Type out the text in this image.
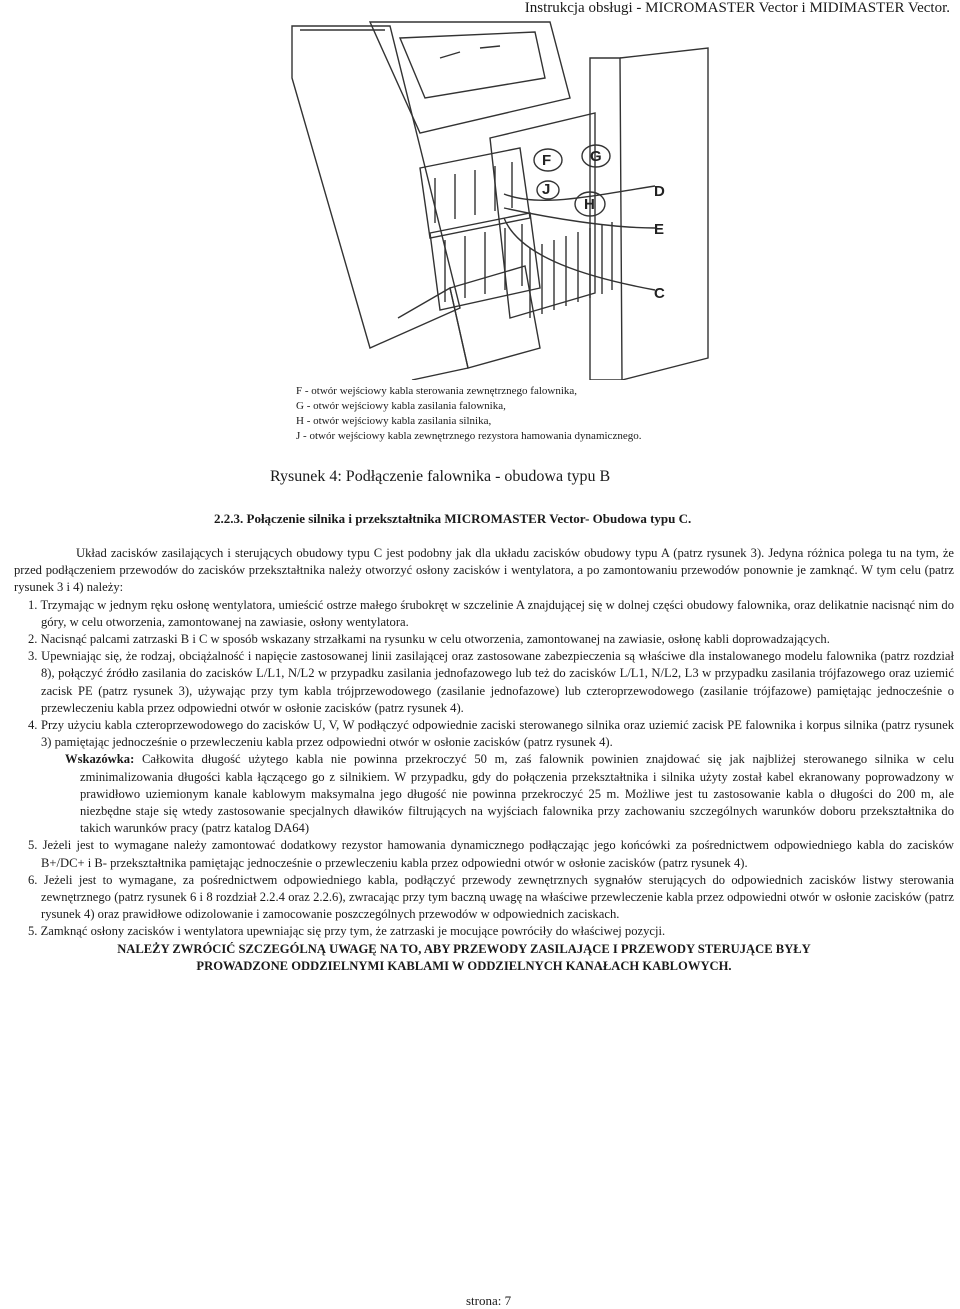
Instrukcja obsługi - MICROMASTER Vector i MIDIMASTER Vector.
F	G
J
H
D
E
C
F - otwór wejściowy kabla sterowania zewnętrznego falownika,
G - otwór wejściowy kabla zasilania falownika,
H - otwór wejściowy kabla zasilania silnika,
J - otwór wejściowy kabla zewnętrznego rezystora hamowania dynamicznego.
Rysunek 4: Podłączenie falownika - obudowa typu B
2.2.3. Połączenie silnika i przekształtnika MICROMASTER Vector- Obudowa typu C.

Układ zacisków zasilających i sterujących obudowy typu C jest podobny jak dla układu zacisków obudowy typu A (patrz rysunek 3). Jedyna różnica polega tu na tym, że przed podłączeniem przewodów do zacisków przekształtnika należy otworzyć osłony zacisków i wentylatora, a po zamontowaniu przewodów ponownie je zamknąć. W tym celu (patrz rysunek 3 i 4) należy:

1. Trzymając w jednym ręku osłonę wentylatora, umieścić ostrze małego śrubokręt w szczelinie A znajdującej się w dolnej części obudowy falownika, oraz delikatnie nacisnąć nim do góry, w celu otworzenia, zamontowanej na zawiasie, osłony wentylatora.

2. Nacisnąć palcami zatrzaski B i C w sposób wskazany strzałkami na rysunku w celu otworzenia, zamontowanej na zawiasie, osłonę kabli doprowadzających.

3. Upewniając się, że rodzaj, obciążalność i napięcie zastosowanej linii zasilającej oraz zastosowane zabezpieczenia są właściwe dla instalowanego modelu falownika (patrz rozdział 8), połączyć źródło zasilania do zacisków L/L1, N/L2 w przypadku zasilania jednofazowego lub też do zacisków L/L1, N/L2, L3 w przypadku zasilania trójfazowego oraz uziemić zacisk PE (patrz rysunek 3), używając przy tym kabla trójprzewodowego (zasilanie jednofazowe) lub czteroprzewodowego (zasilanie trójfazowe) pamiętając jednocześnie o przewleczeniu kabla przez odpowiedni otwór w osłonie zacisków (patrz rysunek 4).

4. Przy użyciu kabla czteroprzewodowego do zacisków U, V, W podłączyć odpowiednie zaciski sterowanego silnika oraz uziemić zacisk PE falownika i korpus silnika (patrz rysunek 3) pamiętając jednocześnie o przewleczeniu kabla przez odpowiedni otwór w osłonie zacisków (patrz rysunek 4).

Wskazówka: Całkowita długość użytego kabla nie powinna przekroczyć 50 m, zaś falownik powinien znajdować się jak najbliżej sterowanego silnika w celu zminimalizowania długości kabla łączącego go z silnikiem. W przypadku, gdy do połączenia przekształtnika i silnika użyty został kabel ekranowany poprowadzony w prawidłowo uziemionym kanale kablowym maksymalna jego długość nie powinna przekroczyć 25 m. Możliwe jest tu zastosowanie kabla o długości do 200 m, ale niezbędne staje się wtedy zastosowanie specjalnych dławików filtrujących na wyjściach falownika przy zachowaniu szczególnych warunków doboru przekształtnika do takich warunków pracy (patrz katalog DA64)

5. Jeżeli jest to wymagane należy zamontować dodatkowy rezystor hamowania dynamicznego podłączając jego końcówki za pośrednictwem odpowiedniego kabla do zacisków B+/DC+ i B- przekształtnika pamiętając jednocześnie o przewleczeniu kabla przez odpowiedni otwór w osłonie zacisków (patrz rysunek 4).

6. Jeżeli jest to wymagane, za pośrednictwem odpowiedniego kabla, podłączyć przewody zewnętrznych sygnałów sterujących do odpowiednich zacisków listwy sterowania zewnętrznego (patrz rysunek 6 i 8 rozdział 2.2.4 oraz 2.2.6), zwracając przy tym baczną uwagę na właściwe przewleczenie kabla przez odpowiedni otwór w osłonie zacisków (patrz rysunek 4) oraz prawidłowe odizolowanie i zamocowanie poszczególnych przewodów w odpowiednich zaciskach.

5. Zamknąć osłony zacisków i wentylatora upewniając się przy tym, że zatrzaski je mocujące powróciły do właściwej pozycji.

NALEŻY ZWRÓCIĆ SZCZEGÓLNĄ UWAGĘ NA TO, ABY PRZEWODY ZASILAJĄCE I PRZEWODY STERUJĄCE BYŁY PROWADZONE ODDZIELNYMI KABLAMI W ODDZIELNYCH KANAŁACH KABLOWYCH.

strona: 7
